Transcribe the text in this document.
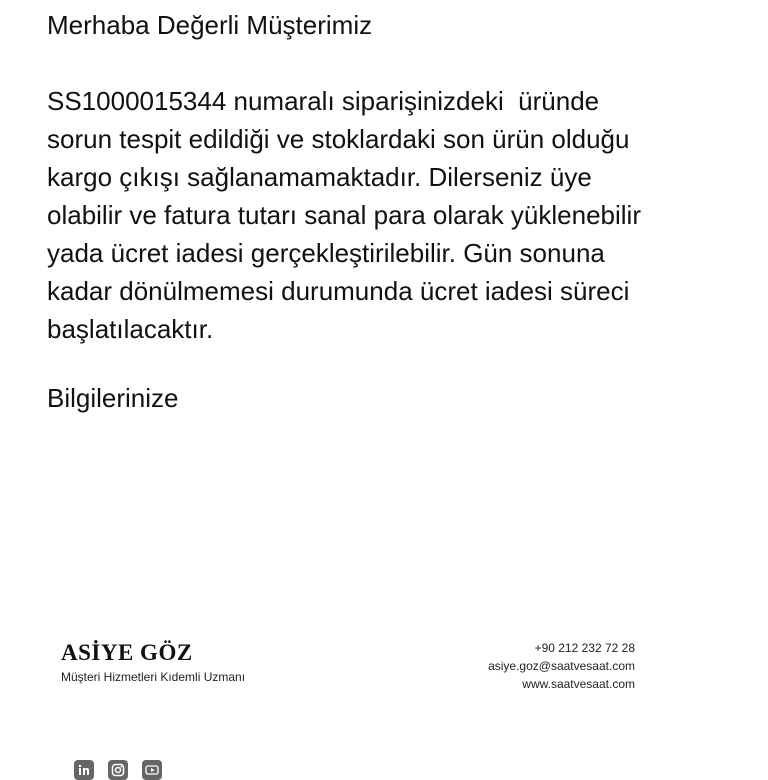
Merhaba Değerli Müşterimiz
SS1000015344 numaralı siparişinizdeki  üründe
sorun tespit edildiği ve stoklardaki son ürün olduğu
kargo çıkışı sağlanamamaktadır. Dilerseniz üye
olabilir ve fatura tutarı sanal para olarak yüklenebilir
yada ücret iadesi gerçekleştirilebilir. Gün sonuna
kadar dönülmemesi durumunda ücret iadesi süreci
başlatılacaktır.
Bilgilerinize
ASİYE GÖZ
Müşteri Hizmetleri Kıdemli Uzmanı
+90 212 232 72 28
asiye.goz@saatvesaat.com
www.saatvesaat.com
